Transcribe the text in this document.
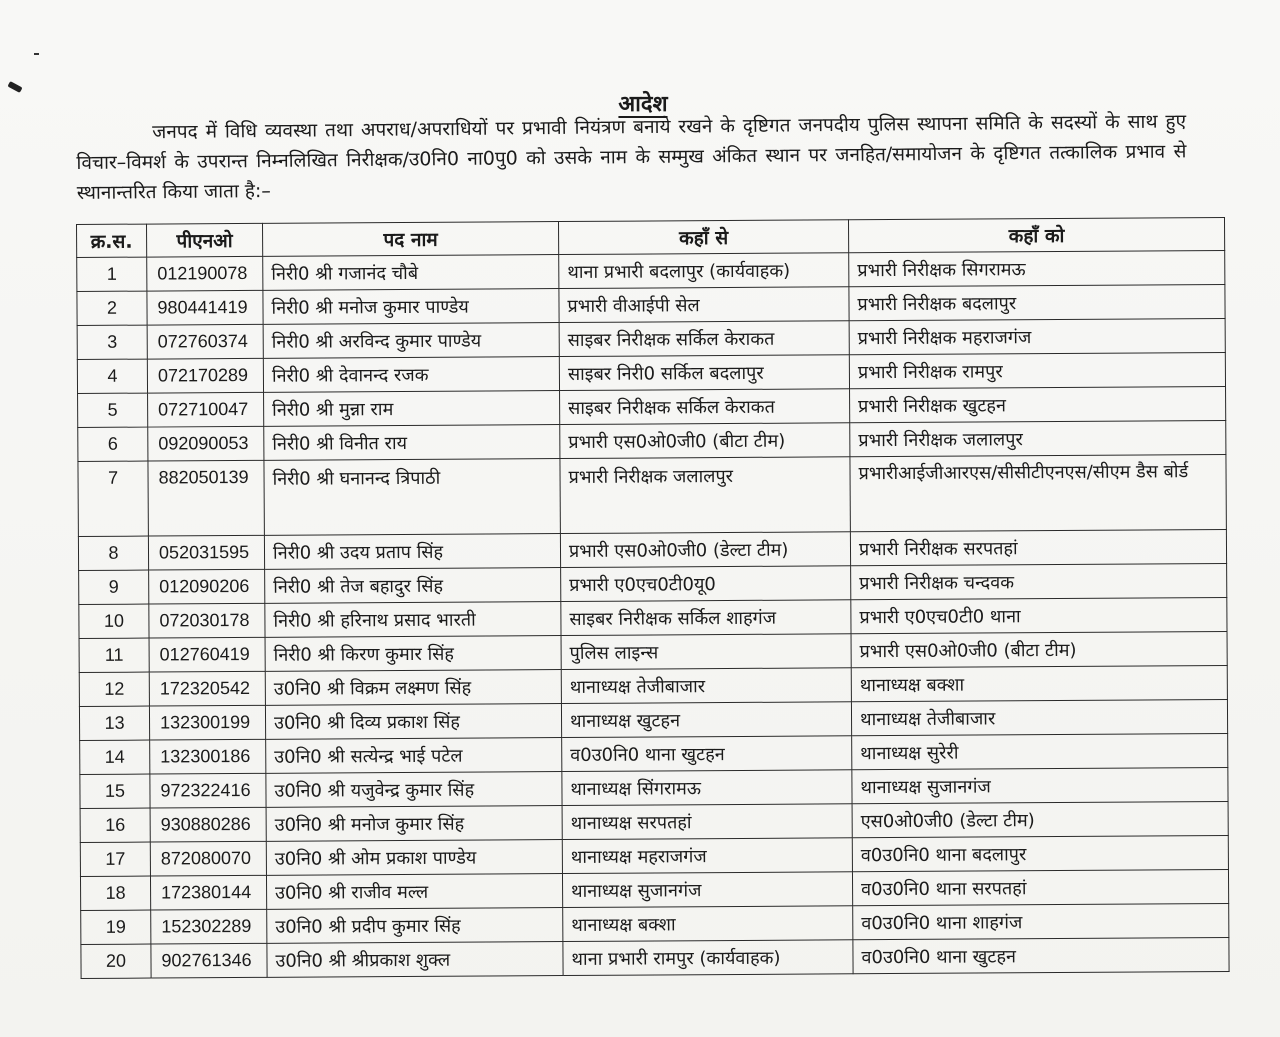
आदेश
जनपद में विधि व्यवस्था तथा अपराध/अपराधियों पर प्रभावी नियंत्रण बनाये रखने के दृष्टिगत जनपदीय पुलिस स्थापना समिति के सदस्यों के साथ हुए विचार–विमर्श के उपरान्त निम्नलिखित निरीक्षक/उ0नि0 ना0पु0 को उसके नाम के सम्मुख अंकित स्थान पर जनहित/समायोजन के दृष्टिगत तत्कालिक प्रभाव से स्थानान्तरित किया जाता है:–
क्र.स.	पीएनओ	पद नाम	कहाँ से	कहाँ को
1	012190078	निरी0 श्री गजानंद चौबे	थाना प्रभारी बदलापुर (कार्यवाहक)	प्रभारी निरीक्षक सिगरामऊ
2	980441419	निरी0 श्री मनोज कुमार पाण्डेय	प्रभारी वीआईपी सेल	प्रभारी निरीक्षक बदलापुर
3	072760374	निरी0 श्री अरविन्द कुमार पाण्डेय	साइबर निरीक्षक सर्किल केराकत	प्रभारी निरीक्षक महराजगंज
4	072170289	निरी0 श्री देवानन्द रजक	साइबर निरी0 सर्किल बदलापुर	प्रभारी निरीक्षक रामपुर
5	072710047	निरी0 श्री मुन्ना राम	साइबर निरीक्षक सर्किल केराकत	प्रभारी निरीक्षक खुटहन
6	092090053	निरी0 श्री विनीत राय	प्रभारी एस0ओ0जी0 (बीटा टीम)	प्रभारी निरीक्षक जलालपुर
7	882050139	निरी0 श्री घनानन्द त्रिपाठी	प्रभारी निरीक्षक जलालपुर	प्रभारीआईजीआरएस/सीसीटीएनएस/सीएम डैस बोर्ड
8	052031595	निरी0 श्री उदय प्रताप सिंह	प्रभारी एस0ओ0जी0 (डेल्टा टीम)	प्रभारी निरीक्षक सरपतहां
9	012090206	निरी0 श्री तेज बहादुर सिंह	प्रभारी ए0एच0टी0यू0	प्रभारी निरीक्षक चन्दवक
10	072030178	निरी0 श्री हरिनाथ प्रसाद भारती	साइबर निरीक्षक सर्किल शाहगंज	प्रभारी ए0एच0टी0 थाना
11	012760419	निरी0 श्री किरण कुमार सिंह	पुलिस लाइन्स	प्रभारी एस0ओ0जी0 (बीटा टीम)
12	172320542	उ0नि0 श्री विक्रम लक्ष्मण सिंह	थानाध्यक्ष तेजीबाजार	थानाध्यक्ष बक्शा
13	132300199	उ0नि0 श्री दिव्य प्रकाश सिंह	थानाध्यक्ष खुटहन	थानाध्यक्ष तेजीबाजार
14	132300186	उ0नि0 श्री सत्येन्द्र भाई पटेल	व0उ0नि0 थाना खुटहन	थानाध्यक्ष सुरेरी
15	972322416	उ0नि0 श्री यजुवेन्द्र कुमार सिंह	थानाध्यक्ष सिंगरामऊ	थानाध्यक्ष सुजानगंज
16	930880286	उ0नि0 श्री मनोज कुमार सिंह	थानाध्यक्ष सरपतहां	एस0ओ0जी0 (डेल्टा टीम)
17	872080070	उ0नि0 श्री ओम प्रकाश पाण्डेय	थानाध्यक्ष महराजगंज	व0उ0नि0 थाना बदलापुर
18	172380144	उ0नि0 श्री राजीव मल्ल	थानाध्यक्ष सुजानगंज	व0उ0नि0 थाना सरपतहां
19	152302289	उ0नि0 श्री प्रदीप कुमार सिंह	थानाध्यक्ष बक्शा	व0उ0नि0 थाना शाहगंज
20	902761346	उ0नि0 श्री श्रीप्रकाश शुक्ल	थाना प्रभारी रामपुर (कार्यवाहक)	व0उ0नि0 थाना खुटहन
